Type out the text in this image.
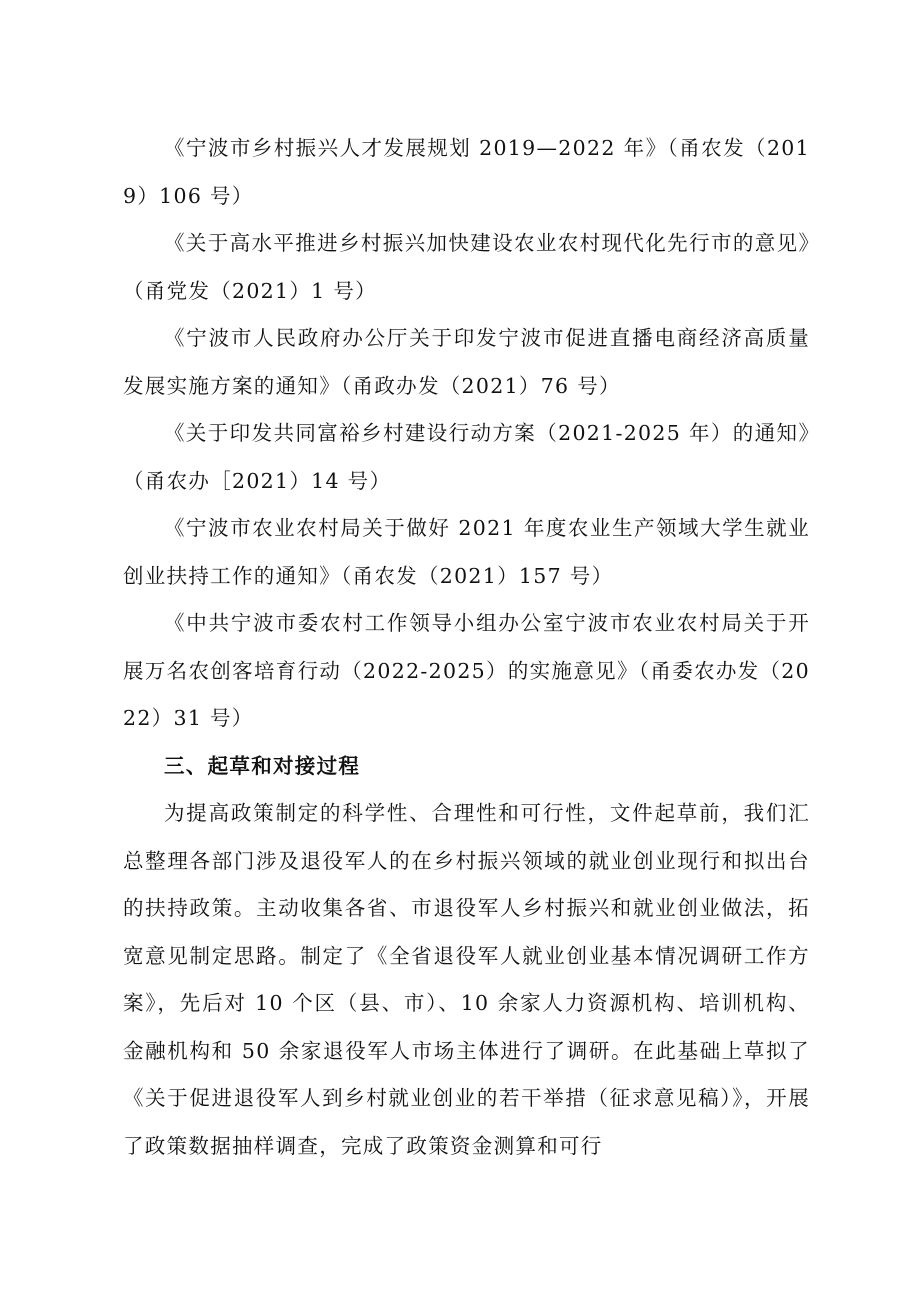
《宁波市乡村振兴人才发展规划 2019—2022 年》（甬农发（2019）106 号）

《关于高水平推进乡村振兴加快建设农业农村现代化先行市的意见》（甬党发（2021）1 号）

《宁波市人民政府办公厅关于印发宁波市促进直播电商经济高质量发展实施方案的通知》（甬政办发（2021）76 号）

《关于印发共同富裕乡村建设行动方案（2021-2025 年）的通知》（甬农办［2021）14 号）

《宁波市农业农村局关于做好 2021 年度农业生产领域大学生就业创业扶持工作的通知》（甬农发（2021）157 号）

《中共宁波市委农村工作领导小组办公室宁波市农业农村局关于开展万名农创客培育行动（2022-2025）的实施意见》（甬委农办发（2022）31 号）

三、起草和对接过程

为提高政策制定的科学性、合理性和可行性，文件起草前，我们汇总整理各部门涉及退役军人的在乡村振兴领域的就业创业现行和拟出台的扶持政策。主动收集各省、市退役军人乡村振兴和就业创业做法，拓宽意见制定思路。制定了《全省退役军人就业创业基本情况调研工作方案》，先后对 10 个区（县、市）、10 余家人力资源机构、培训机构、金融机构和 50 余家退役军人市场主体进行了调研。在此基础上草拟了《关于促进退役军人到乡村就业创业的若干举措（征求意见稿）》，开展了政策数据抽样调查，完成了政策资金测算和可行
